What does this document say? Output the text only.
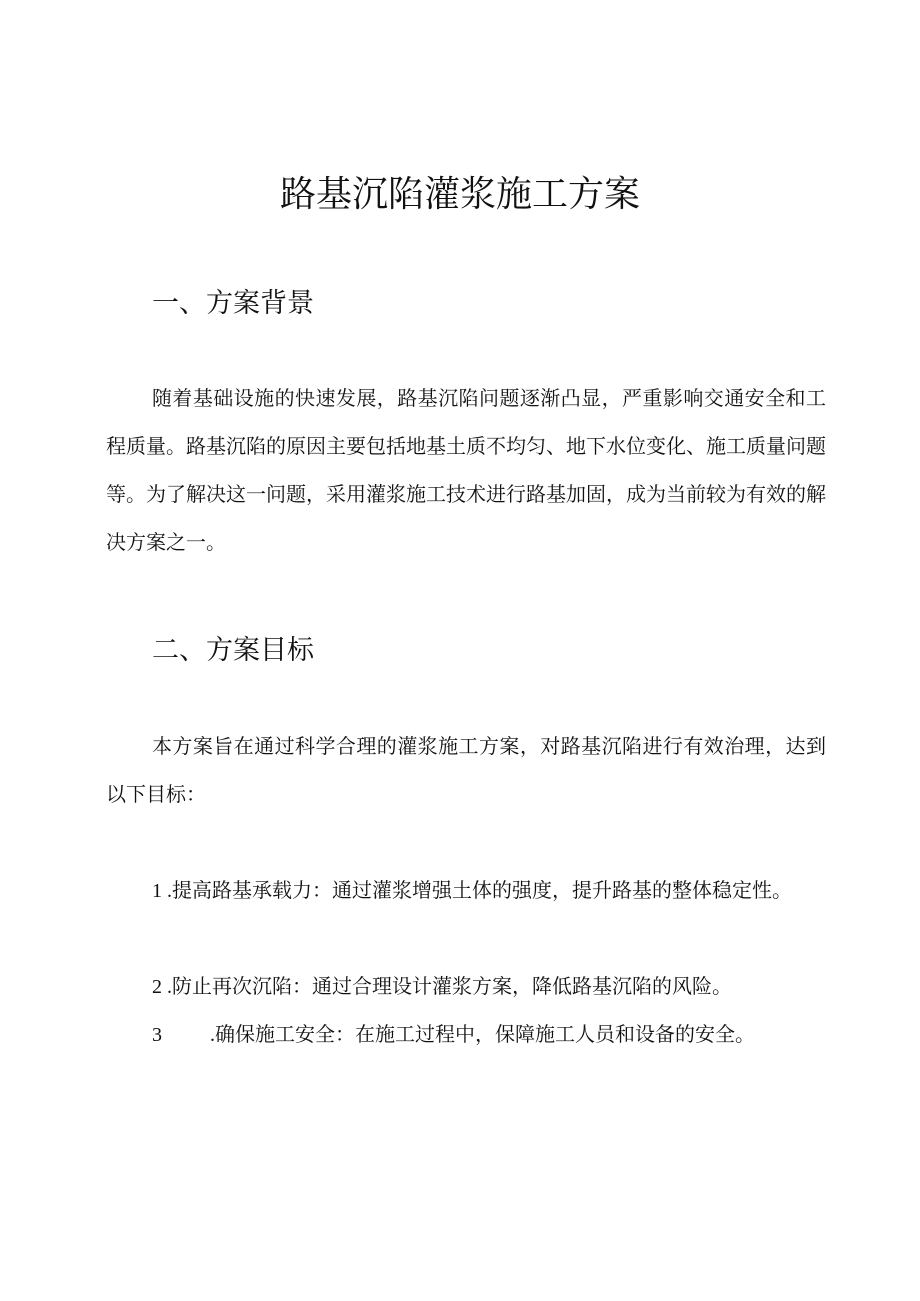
路基沉陷灌浆施工方案
一、方案背景
随着基础设施的快速发展，路基沉陷问题逐渐凸显，严重影响交通安全和工程质量。路基沉陷的原因主要包括地基土质不均匀、地下水位变化、施工质量问题等。为了解决这一问题，采用灌浆施工技术进行路基加固，成为当前较为有效的解决方案之一。
二、方案目标
本方案旨在通过科学合理的灌浆施工方案，对路基沉陷进行有效治理，达到以下目标：
1 .提高路基承载力：通过灌浆增强土体的强度，提升路基的整体稳定性。
2 .防止再次沉陷：通过合理设计灌浆方案，降低路基沉陷的风险。
3 .确保施工安全：在施工过程中，保障施工人员和设备的安全。
